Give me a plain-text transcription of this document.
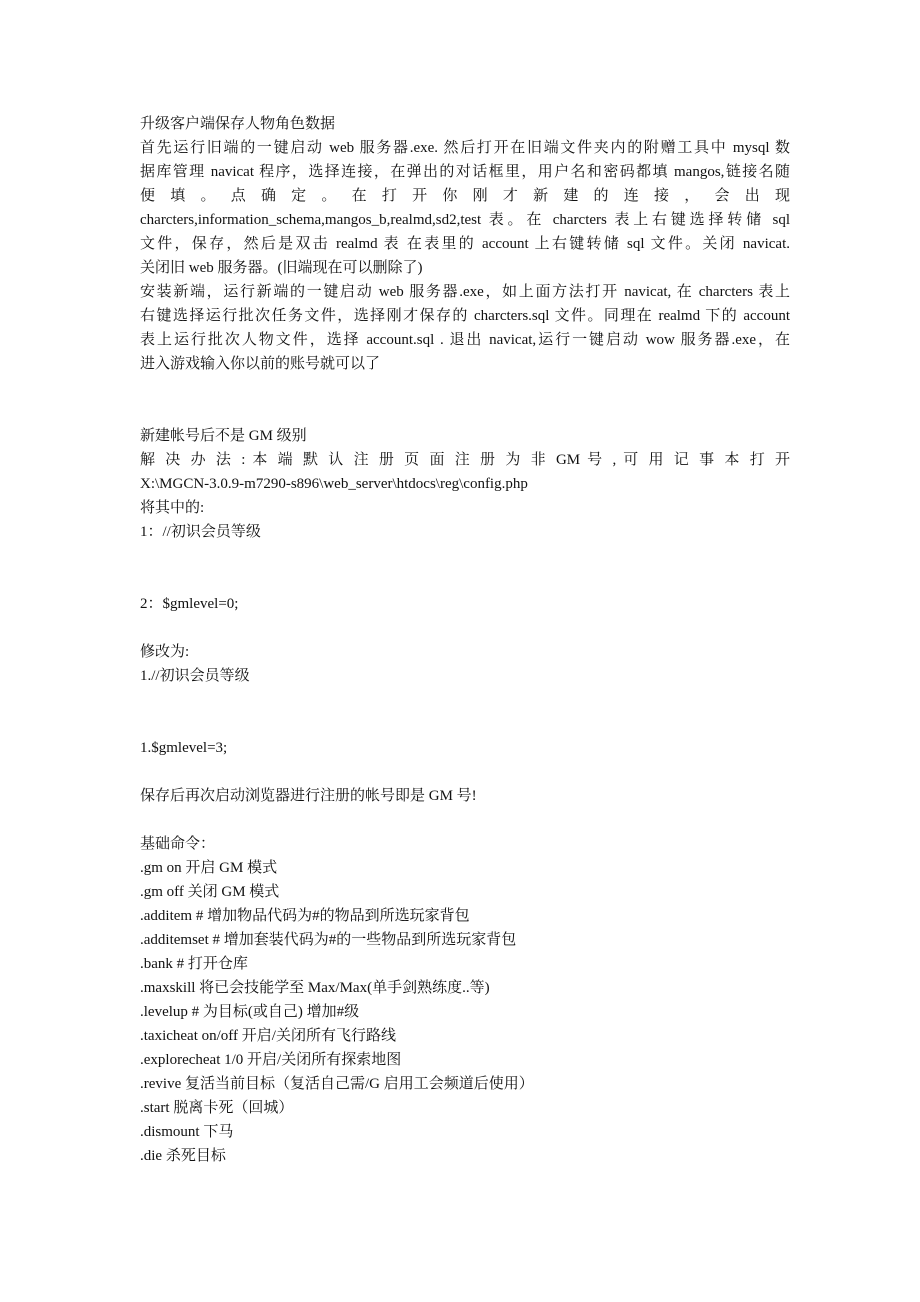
升级客户端保存人物角色数据
首先运行旧端的一键启动 web 服务器.exe. 然后打开在旧端文件夹内的附赠工具中 mysql 数
据库管理 navicat 程序，选择连接，在弹出的对话框里，用户名和密码都填 mangos,链接名随
便 填 。 点 确 定 。 在 打 开 你 刚 才 新 建 的 连 接 ， 会 出 现
charcters,information_schema,mangos_b,realmd,sd2,test 表。在 charcters 表上右键选择转储 sql
文件，保存，然后是双击 realmd 表 在表里的 account 上右键转储 sql 文件。关闭 navicat.
关闭旧 web 服务器。(旧端现在可以删除了)
安装新端，运行新端的一键启动 web 服务器.exe，如上面方法打开 navicat, 在 charcters 表上
右键选择运行批次任务文件，选择刚才保存的 charcters.sql 文件。同理在 realmd 下的 account
表上运行批次人物文件，选择 account.sql . 退出 navicat,运行一键启动 wow 服务器.exe，在
进入游戏输入你以前的账号就可以了
新建帐号后不是 GM 级别
解 决 办 法 : 本 端 默 认 注 册 页 面 注 册 为 非 GM 号 , 可 用 记 事 本 打 开
X:\MGCN-3.0.9-m7290-s896\web_server\htdocs\reg\config.php
将其中的:
1：//初识会员等级
2：$gmlevel=0;
修改为:
1.//初识会员等级
1.$gmlevel=3;
保存后再次启动浏览器进行注册的帐号即是 GM 号!
基础命令：
.gm on 开启 GM 模式
.gm off 关闭 GM 模式
.additem # 增加物品代码为#的物品到所选玩家背包
.additemset # 增加套装代码为#的一些物品到所选玩家背包
.bank # 打开仓库
.maxskill 将已会技能学至 Max/Max(单手剑熟练度..等)
.levelup # 为目标(或自己) 增加#级
.taxicheat on/off 开启/关闭所有飞行路线
.explorecheat 1/0 开启/关闭所有探索地图
.revive 复活当前目标（复活自己需/G 启用工会频道后使用）
.start 脱离卡死（回城）
.dismount 下马
.die 杀死目标
